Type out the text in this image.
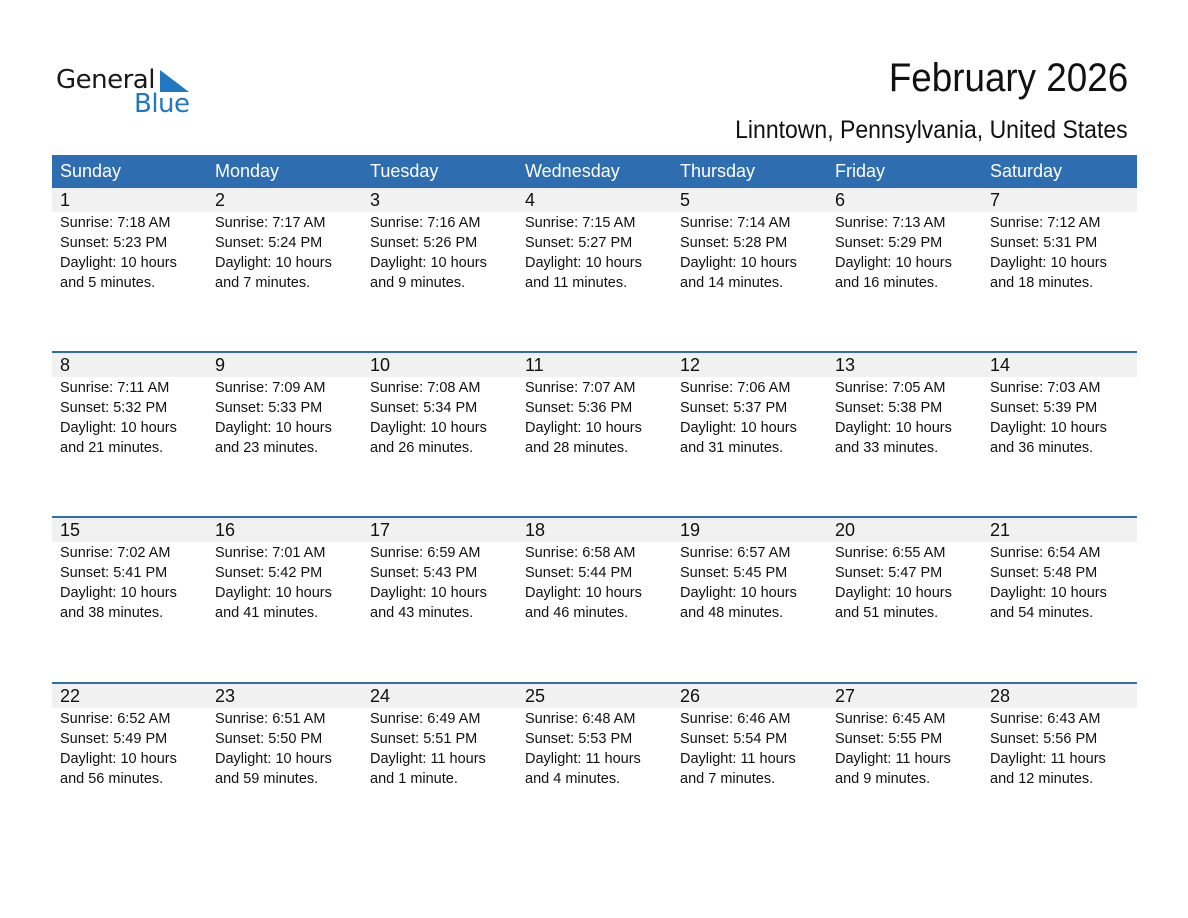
General
Blue
February 2026
Linntown, Pennsylvania, United States
Sunday	Monday	Tuesday	Wednesday	Thursday	Friday	Saturday
1	2	3	4	5	6	7
Sunrise: 7:18 AM
Sunset: 5:23 PM
Daylight: 10 hours
and 5 minutes.
Sunrise: 7:17 AM
Sunset: 5:24 PM
Daylight: 10 hours
and 7 minutes.
Sunrise: 7:16 AM
Sunset: 5:26 PM
Daylight: 10 hours
and 9 minutes.
Sunrise: 7:15 AM
Sunset: 5:27 PM
Daylight: 10 hours
and 11 minutes.
Sunrise: 7:14 AM
Sunset: 5:28 PM
Daylight: 10 hours
and 14 minutes.
Sunrise: 7:13 AM
Sunset: 5:29 PM
Daylight: 10 hours
and 16 minutes.
Sunrise: 7:12 AM
Sunset: 5:31 PM
Daylight: 10 hours
and 18 minutes.
8	9	10	11	12	13	14
Sunrise: 7:11 AM
Sunset: 5:32 PM
Daylight: 10 hours
and 21 minutes.
Sunrise: 7:09 AM
Sunset: 5:33 PM
Daylight: 10 hours
and 23 minutes.
Sunrise: 7:08 AM
Sunset: 5:34 PM
Daylight: 10 hours
and 26 minutes.
Sunrise: 7:07 AM
Sunset: 5:36 PM
Daylight: 10 hours
and 28 minutes.
Sunrise: 7:06 AM
Sunset: 5:37 PM
Daylight: 10 hours
and 31 minutes.
Sunrise: 7:05 AM
Sunset: 5:38 PM
Daylight: 10 hours
and 33 minutes.
Sunrise: 7:03 AM
Sunset: 5:39 PM
Daylight: 10 hours
and 36 minutes.
15	16	17	18	19	20	21
Sunrise: 7:02 AM
Sunset: 5:41 PM
Daylight: 10 hours
and 38 minutes.
Sunrise: 7:01 AM
Sunset: 5:42 PM
Daylight: 10 hours
and 41 minutes.
Sunrise: 6:59 AM
Sunset: 5:43 PM
Daylight: 10 hours
and 43 minutes.
Sunrise: 6:58 AM
Sunset: 5:44 PM
Daylight: 10 hours
and 46 minutes.
Sunrise: 6:57 AM
Sunset: 5:45 PM
Daylight: 10 hours
and 48 minutes.
Sunrise: 6:55 AM
Sunset: 5:47 PM
Daylight: 10 hours
and 51 minutes.
Sunrise: 6:54 AM
Sunset: 5:48 PM
Daylight: 10 hours
and 54 minutes.
22	23	24	25	26	27	28
Sunrise: 6:52 AM
Sunset: 5:49 PM
Daylight: 10 hours
and 56 minutes.
Sunrise: 6:51 AM
Sunset: 5:50 PM
Daylight: 10 hours
and 59 minutes.
Sunrise: 6:49 AM
Sunset: 5:51 PM
Daylight: 11 hours
and 1 minute.
Sunrise: 6:48 AM
Sunset: 5:53 PM
Daylight: 11 hours
and 4 minutes.
Sunrise: 6:46 AM
Sunset: 5:54 PM
Daylight: 11 hours
and 7 minutes.
Sunrise: 6:45 AM
Sunset: 5:55 PM
Daylight: 11 hours
and 9 minutes.
Sunrise: 6:43 AM
Sunset: 5:56 PM
Daylight: 11 hours
and 12 minutes.
